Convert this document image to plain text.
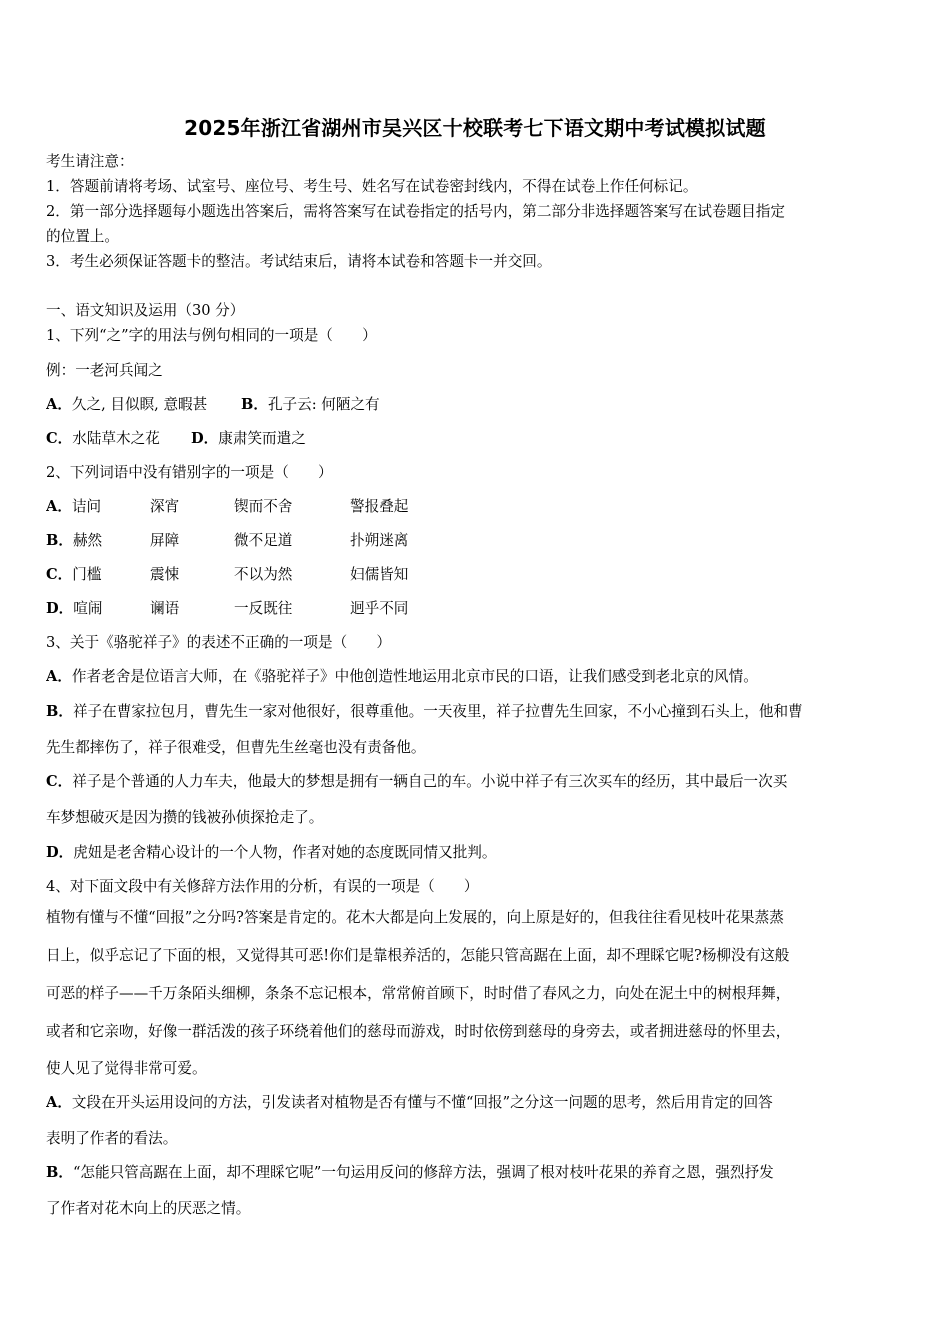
2025年浙江省湖州市吴兴区十校联考七下语文期中考试模拟试题
考生请注意：
1．答题前请将考场、试室号、座位号、考生号、姓名写在试卷密封线内，不得在试卷上作任何标记。
2．第一部分选择题每小题选出答案后，需将答案写在试卷指定的括号内，第二部分非选择题答案写在试卷题目指定
的位置上。
3．考生必须保证答题卡的整洁。考试结束后，请将本试卷和答题卡一并交回。
一、语文知识及运用（30 分）
1、下列“之”字的用法与例句相同的一项是（　　）
例：一老河兵闻之
A．久之, 目似瞑, 意暇甚 B．孔子云: 何陋之有
C．水陆草木之花 D．康肃笑而遣之
2、下列词语中没有错别字的一项是（　　）
A．诘问	深宵	锲而不舍	警报叠起
B．赫然	屏障	微不足道	扑朔迷离
C．门槛	震悚	不以为然	妇儒皆知
D．喧闹	谰语	一反既往	迥乎不同
3、关于《骆驼祥子》的表述不正确的一项是（　　）
A．作者老舍是位语言大师，在《骆驼祥子》中他创造性地运用北京市民的口语，让我们感受到老北京的风情。
B．祥子在曹家拉包月，曹先生一家对他很好，很尊重他。一天夜里，祥子拉曹先生回家，不小心撞到石头上，他和曹
先生都摔伤了，祥子很难受，但曹先生丝毫也没有责备他。
C．祥子是个普通的人力车夫，他最大的梦想是拥有一辆自己的车。小说中祥子有三次买车的经历，其中最后一次买
车梦想破灭是因为攒的钱被孙侦探抢走了。
D．虎妞是老舍精心设计的一个人物，作者对她的态度既同情又批判。
4、对下面文段中有关修辞方法作用的分析，有误的一项是（　　）
植物有懂与不懂“回报”之分吗?答案是肯定的。花木大都是向上发展的，向上原是好的，但我往往看见枝叶花果蒸蒸
日上，似乎忘记了下面的根，又觉得其可恶!你们是靠根养活的，怎能只管高踞在上面，却不理睬它呢?杨柳没有这般
可恶的样子——千万条陌头细柳，条条不忘记根本，常常俯首顾下，时时借了春风之力，向处在泥土中的树根拜舞，
或者和它亲吻，好像一群活泼的孩子环绕着他们的慈母而游戏，时时依傍到慈母的身旁去，或者拥进慈母的怀里去，
使人见了觉得非常可爱。
A．文段在开头运用设问的方法，引发读者对植物是否有懂与不懂“回报”之分这一问题的思考，然后用肯定的回答
表明了作者的看法。
B．“怎能只管高踞在上面，却不理睬它呢”一句运用反问的修辞方法，强调了根对枝叶花果的养育之恩，强烈抒发
了作者对花木向上的厌恶之情。
